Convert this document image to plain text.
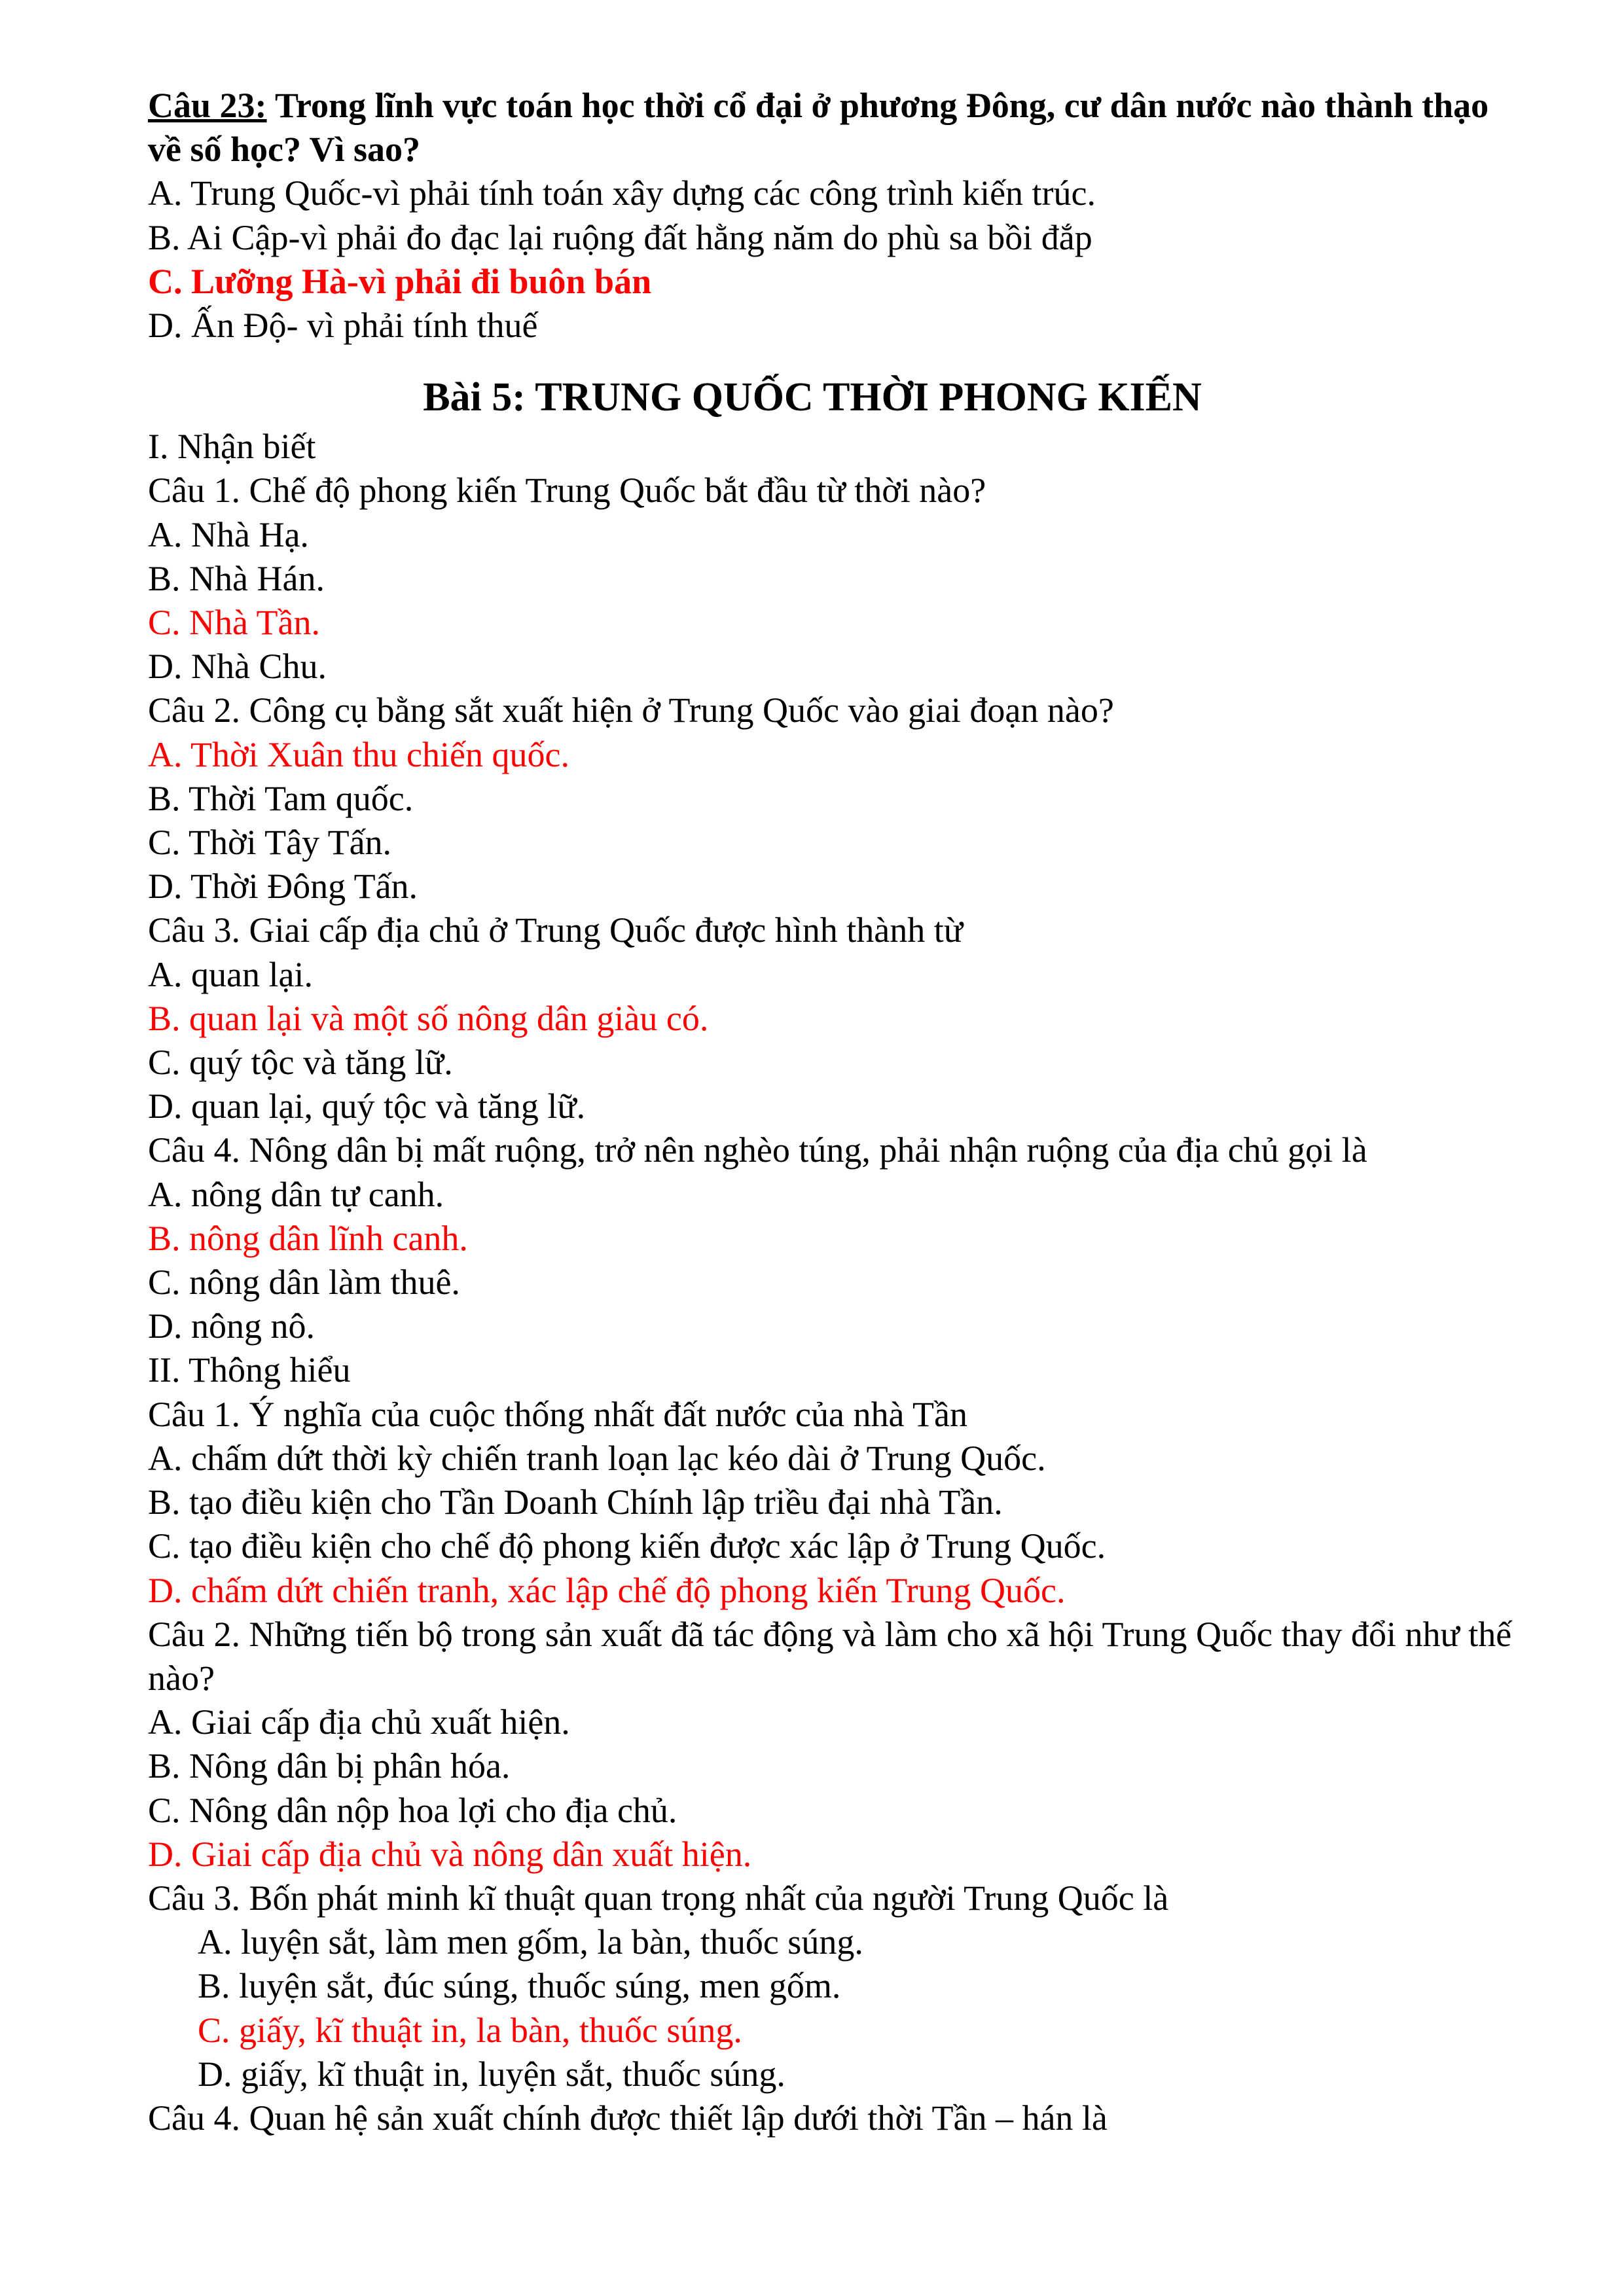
Câu 23: Trong lĩnh vực toán học thời cổ đại ở phương Đông, cư dân nước nào thành thạo về số học? Vì sao?
A. Trung Quốc-vì phải tính toán xây dựng các công trình kiến trúc.
B. Ai Cập-vì phải đo đạc lại ruộng đất hằng năm do phù sa bồi đắp
C. Lưỡng Hà-vì phải đi buôn bán
D. Ấn Độ- vì phải tính thuế
Bài 5: TRUNG QUỐC THỜI PHONG KIẾN
I. Nhận biết
Câu 1. Chế độ phong kiến Trung Quốc bắt đầu từ thời nào?
A. Nhà Hạ.
B. Nhà Hán.
C. Nhà Tần.
D. Nhà Chu.
Câu 2. Công cụ bằng sắt xuất hiện ở Trung Quốc vào giai đoạn nào?
A. Thời Xuân thu chiến quốc.
B. Thời Tam quốc.
C. Thời Tây Tấn.
D. Thời Đông Tấn.
Câu 3. Giai cấp địa chủ ở Trung Quốc được hình thành từ
A. quan lại.
B. quan lại và một số nông dân giàu có.
C. quý tộc và tăng lữ.
D. quan lại, quý tộc và tăng lữ.
Câu 4. Nông dân bị mất ruộng, trở nên nghèo túng, phải nhận ruộng của địa chủ gọi là
A. nông dân tự canh.
B. nông dân lĩnh canh.
C. nông dân làm thuê.
D. nông nô.
II. Thông hiểu
Câu 1. Ý nghĩa của cuộc thống nhất đất nước của nhà Tần
A. chấm dứt thời kỳ chiến tranh loạn lạc kéo dài ở Trung Quốc.
B. tạo điều kiện cho Tần Doanh Chính lập triều đại nhà Tần.
C. tạo điều kiện cho chế độ phong kiến được xác lập ở Trung Quốc.
D. chấm dứt chiến tranh, xác lập chế độ phong kiến Trung Quốc.
Câu 2. Những tiến bộ trong sản xuất đã tác động và làm cho xã hội Trung Quốc thay đổi như thế nào?
A. Giai cấp địa chủ xuất hiện.
B. Nông dân bị phân hóa.
C. Nông dân nộp hoa lợi cho địa chủ.
D. Giai cấp địa chủ và nông dân xuất hiện.
Câu 3. Bốn phát minh kĩ thuật quan trọng nhất của người Trung Quốc là
A. luyện sắt, làm men gốm, la bàn, thuốc súng.
B. luyện sắt, đúc súng, thuốc súng, men gốm.
C. giấy, kĩ thuật in, la bàn, thuốc súng.
D. giấy, kĩ thuật in, luyện sắt, thuốc súng.
Câu 4. Quan hệ sản xuất chính được thiết lập dưới thời Tần – hán là
